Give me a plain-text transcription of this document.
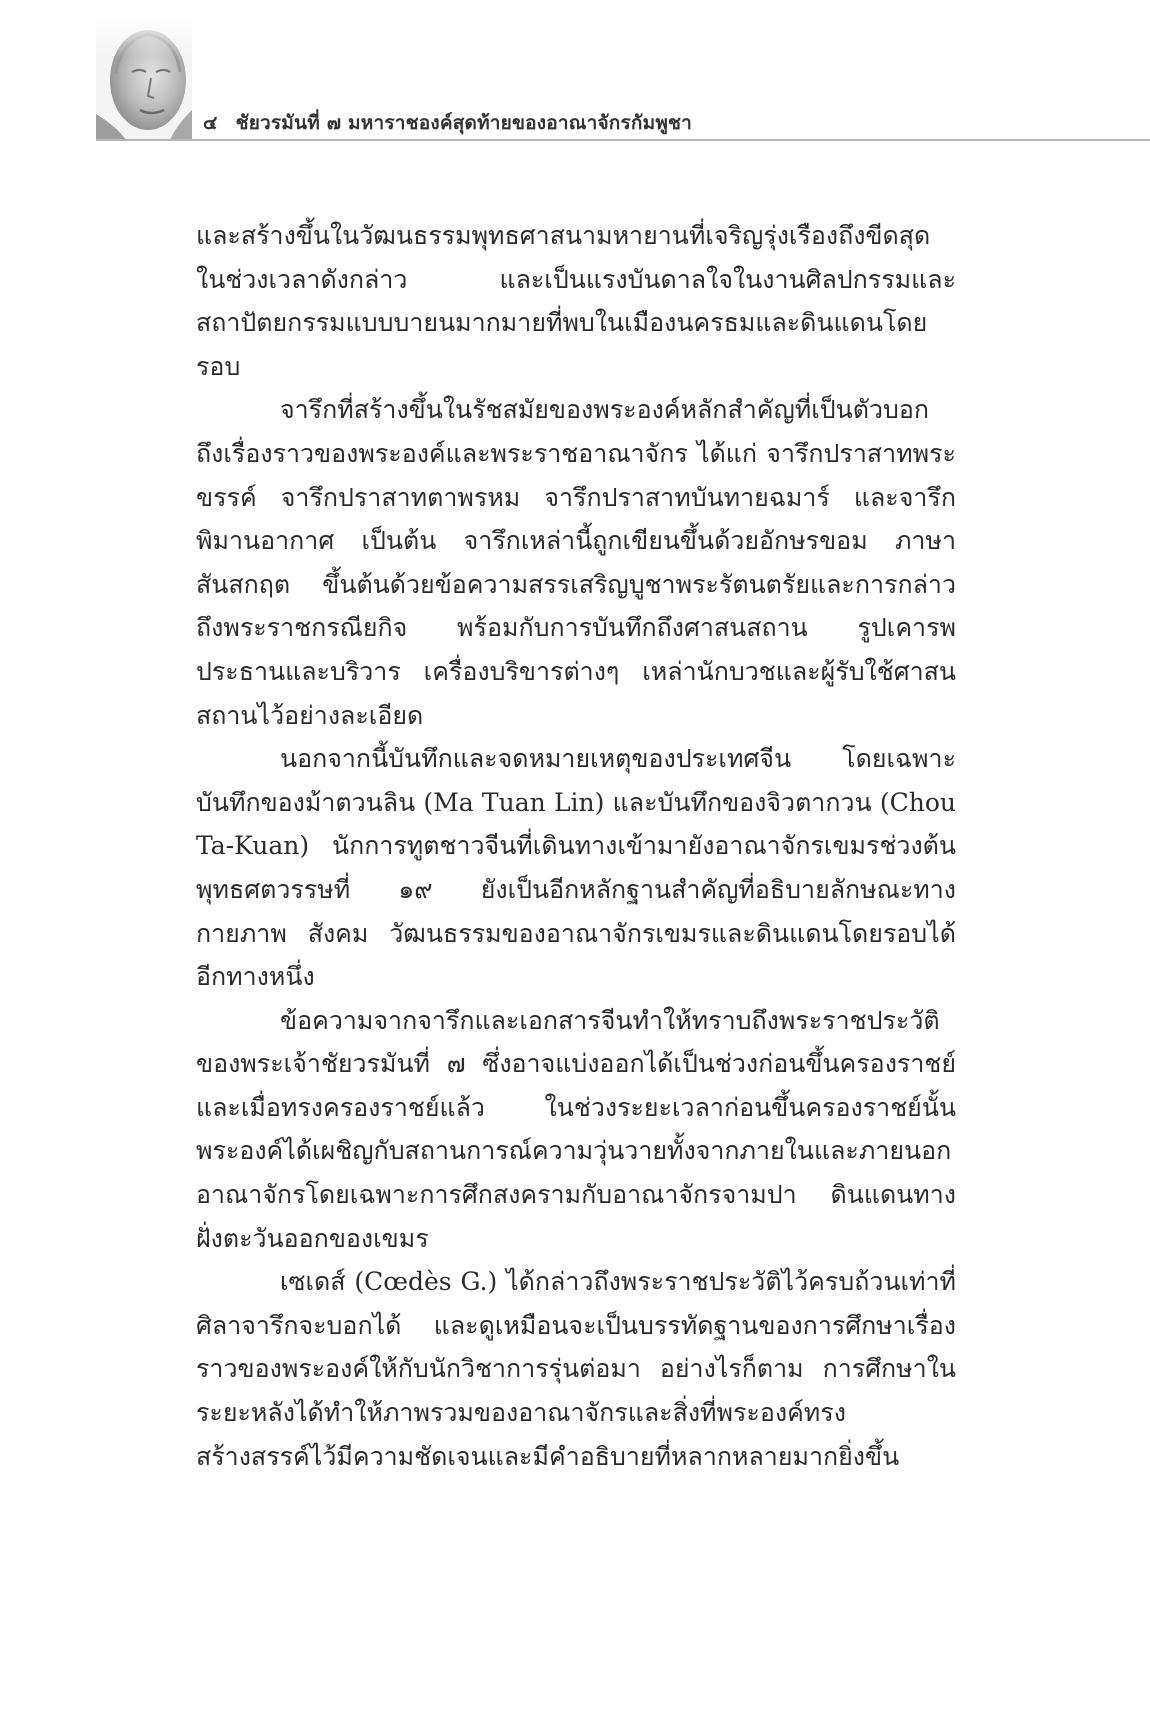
๔ ชัยวรมันที่ ๗ มหาราชองค์สุดท้ายของอาณาจักรกัมพูชา

และสร้างขึ้นในวัฒนธรรมพุทธศาสนามหายานที่เจริญรุ่งเรืองถึงขีดสุดในช่วงเวลาดังกล่าว และเป็นแรงบันดาลใจในงานศิลปกรรมและสถาปัตยกรรมแบบบายนมากมายที่พบในเมืองนครธมและดินแดนโดยรอบ

จารึกที่สร้างขึ้นในรัชสมัยของพระองค์หลักสำคัญที่เป็นตัวบอกถึงเรื่องราวของพระองค์และพระราชอาณาจักร ได้แก่ จารึกปราสาทพระขรรค์ จารึกปราสาทตาพรหม จารึกปราสาทบันทายฉมาร์ และจารึกพิมานอากาศ เป็นต้น จารึกเหล่านี้ถูกเขียนขึ้นด้วยอักษรขอม ภาษาสันสกฤต ขึ้นต้นด้วยข้อความสรรเสริญบูชาพระรัตนตรัยและการกล่าวถึงพระราชกรณียกิจ พร้อมกับการบันทึกถึงศาสนสถาน รูปเคารพประธานและบริวาร เครื่องบริขารต่างๆ เหล่านักบวชและผู้รับใช้ศาสนสถานไว้อย่างละเอียด

นอกจากนี้บันทึกและจดหมายเหตุของประเทศจีน โดยเฉพาะบันทึกของม้าตวนลิน (Ma Tuan Lin) และบันทึกของจิวตากวน (Chou Ta-Kuan) นักการทูตชาวจีนที่เดินทางเข้ามายังอาณาจักรเขมรช่วงต้นพุทธศตวรรษที่ ๑๙ ยังเป็นอีกหลักฐานสำคัญที่อธิบายลักษณะทางกายภาพ สังคม วัฒนธรรมของอาณาจักรเขมรและดินแดนโดยรอบได้อีกทางหนึ่ง

ข้อความจากจารึกและเอกสารจีนทำให้ทราบถึงพระราชประวัติของพระเจ้าชัยวรมันที่ ๗ ซึ่งอาจแบ่งออกได้เป็นช่วงก่อนขึ้นครองราชย์และเมื่อทรงครองราชย์แล้ว ในช่วงระยะเวลาก่อนขึ้นครองราชย์นั้นพระองค์ได้เผชิญกับสถานการณ์ความวุ่นวายทั้งจากภายในและภายนอกอาณาจักรโดยเฉพาะการศึกสงครามกับอาณาจักรจามปา ดินแดนทางฝั่งตะวันออกของเขมร

เซเดส์ (Cœdès G.) ได้กล่าวถึงพระราชประวัติไว้ครบถ้วนเท่าที่ศิลาจารึกจะบอกได้ และดูเหมือนจะเป็นบรรทัดฐานของการศึกษาเรื่องราวของพระองค์ให้กับนักวิชาการรุ่นต่อมา อย่างไรก็ตาม การศึกษาในระยะหลังได้ทำให้ภาพรวมของอาณาจักรและสิ่งที่พระองค์ทรงสร้างสรรค์ไว้มีความชัดเจนและมีคำอธิบายที่หลากหลายมากยิ่งขึ้น
